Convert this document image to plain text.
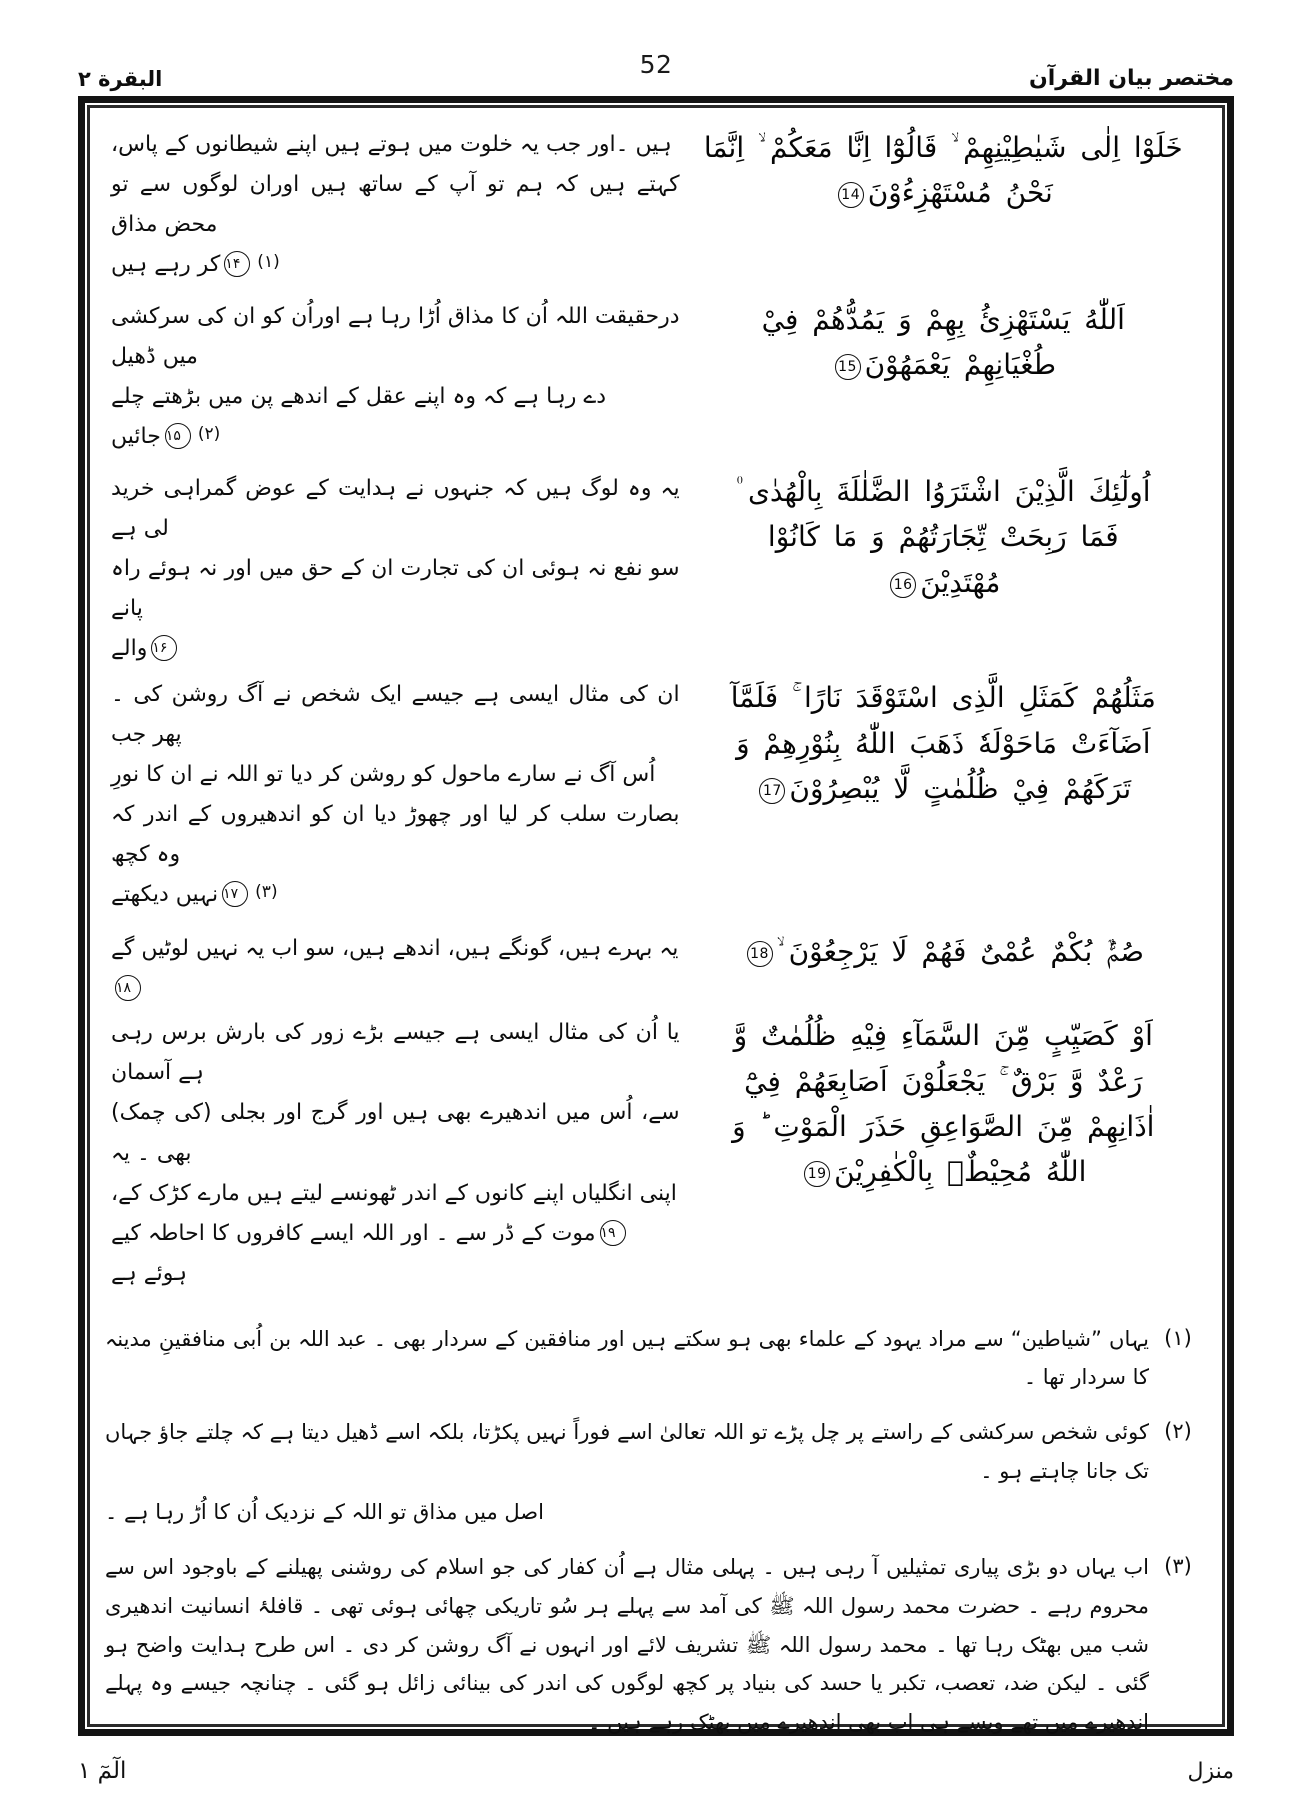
مختصر بیان القرآن
البقرة ٢	52
خَلَوْا اِلٰى شَيٰطِيْنِهِمْ ۙ قَالُوْٓا اِنَّا مَعَكُمْ ۙ اِنَّمَا
نَحْنُ مُسْتَهْزِءُوْنَ14
ہیں ۔اور جب یہ خلوت میں ہوتے ہیں اپنے شیطانوں کے پاس،
کہتے ہیں کہ ہم تو آپ کے ساتھ ہیں اوران لوگوں سے تو محض مذاق
(۱)۱۴کر رہے ہیں
اَللّٰهُ يَسْتَهْزِئُ بِهِمْ وَ يَمُدُّهُمْ فِيْ
طُغْيَانِهِمْ يَعْمَهُوْنَ15
درحقیقت اللہ اُن کا مذاق اُڑا رہا ہے اوراُن کو ان کی سرکشی میں ڈھیل
دے رہا ہے کہ وہ اپنے عقل کے اندھے پن میں بڑھتے چلے
(۲)۱۵جائیں
اُولٰٓئِكَ الَّذِيْنَ اشْتَرَوُا الضَّلٰلَةَ بِالْهُدٰى ۠
فَمَا رَبِحَتْ تِّجَارَتُهُمْ وَ مَا كَانُوْا
مُهْتَدِيْنَ16
یہ وہ لوگ ہیں کہ جنہوں نے ہدایت کے عوض گمراہی خرید لی ہے
سو نفع نہ ہوئی ان کی تجارت ان کے حق میں اور نہ ہوئے راہ پانے
۱۶والے
مَثَلُهُمْ كَمَثَلِ الَّذِى اسْتَوْقَدَ نَارًا ۚ فَلَمَّآ
اَضَآءَتْ مَاحَوْلَهٗ ذَهَبَ اللّٰهُ بِنُوْرِهِمْ وَ
تَرَكَهُمْ فِيْ ظُلُمٰتٍ لَّا يُبْصِرُوْنَ17
ان کی مثال ایسی ہے جیسے ایک شخص نے آگ روشن کی ۔ پھر جب
اُس آگ نے سارے ماحول کو روشن کر دیا تو اللہ نے ان کا نورِ
بصارت سلب کر لیا اور چھوڑ دیا ان کو اندھیروں کے اندر کہ وہ کچھ
(۳)۱۷نہیں دیکھتے
صُمٌّۢ بُكْمٌ عُمْىٌ فَهُمْ لَا يَرْجِعُوْنَ ۙ18
یہ بہرے ہیں، گونگے ہیں، اندھے ہیں، سو اب یہ نہیں لوٹیں گے۱۸
اَوْ كَصَيِّبٍ مِّنَ السَّمَآءِ فِيْهِ ظُلُمٰتٌ وَّ
رَعْدٌ وَّ بَرْقٌ ۚ يَجْعَلُوْنَ اَصَابِعَهُمْ فِيْٓ
اٰذَانِهِمْ مِّنَ الصَّوَاعِقِ حَذَرَ الْمَوْتِ ؕ وَ
اللّٰهُ مُحِيْطٌۢ بِالْكٰفِرِيْنَ19
یا اُن کی مثال ایسی ہے جیسے بڑے زور کی بارش برس رہی ہے آسمان
سے، اُس میں اندھیرے بھی ہیں اور گرج اور بجلی (کی چمک) بھی ۔ یہ
اپنی انگلیاں اپنے کانوں کے اندر ٹھونسے لیتے ہیں مارے کڑک کے،
۱۹موت کے ڈر سے ۔ اور اللہ ایسے کافروں کا احاطہ کیے ہوئے ہے
(۱)

یہاں ”شیاطین“ سے مراد یہود کے علماء بھی ہو سکتے ہیں اور منافقین کے سردار بھی ۔ عبد اللہ بن اُبی منافقینِ مدینہ کا سردار تھا ۔

(۲)

کوئی شخص سرکشی کے راستے پر چل پڑے تو اللہ تعالیٰ اسے فوراً نہیں پکڑتا، بلکہ اسے ڈھیل دیتا ہے کہ چلتے جاؤ جہاں تک جانا چاہتے ہو ۔

اصل میں مذاق تو اللہ کے نزدیک اُن کا اُڑ رہا ہے ۔

(۳)

اب یہاں دو بڑی پیاری تمثیلیں آ رہی ہیں ۔ پہلی مثال ہے اُن کفار کی جو اسلام کی روشنی پھیلنے کے باوجود اس سے محروم رہے ۔ حضرت محمد رسول اللہ ﷺ کی آمد سے پہلے ہر سُو تاریکی چھائی ہوئی تھی ۔ قافلۂ انسانیت اندھیری شب میں بھٹک رہا تھا ۔ محمد رسول اللہ ﷺ تشریف لائے اور انہوں نے آگ روشن کر دی ۔ اس طرح ہدایت واضح ہو گئی ۔ لیکن ضد، تعصب، تکبر یا حسد کی بنیاد پر کچھ لوگوں کی اندر کی بینائی زائل ہو گئی ۔ چنانچہ جیسے وہ پہلے اندھیرے میں تھے ویسے ہی اب بھی اندھیرے میں بھٹک رہے ہیں ۔

الٓمٓ ١	منزل
